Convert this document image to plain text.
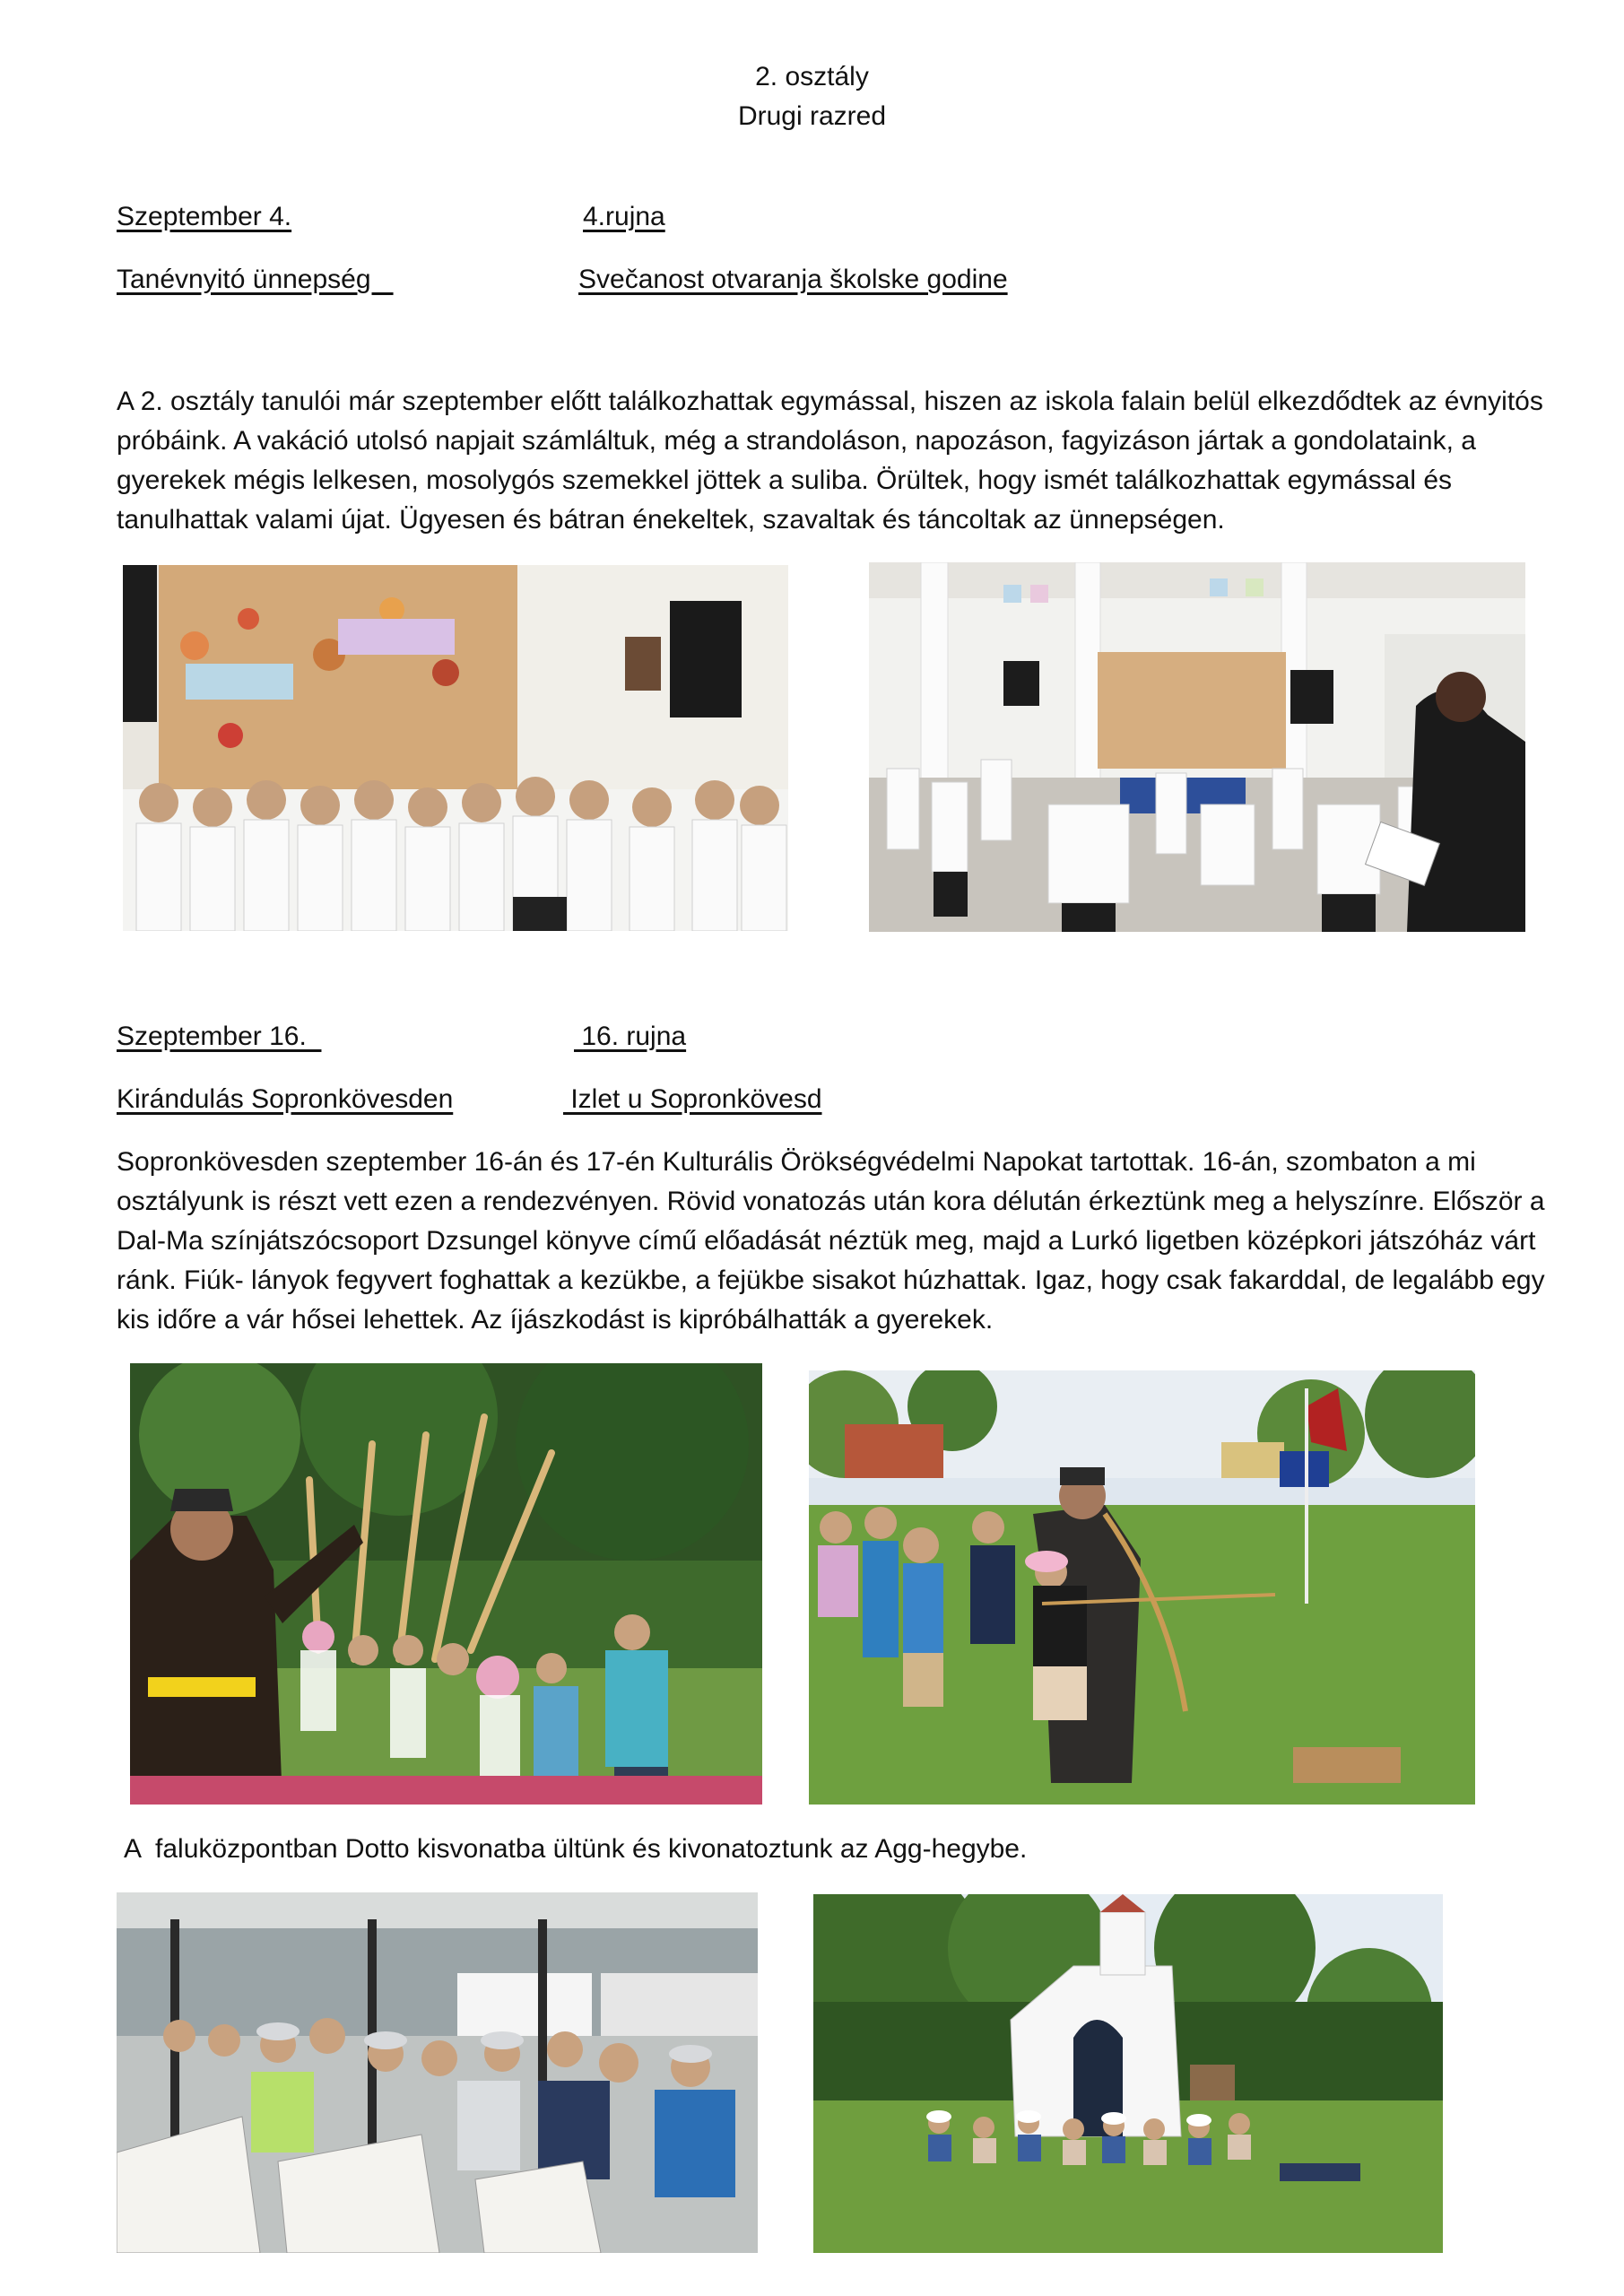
2. osztály
Drugi razred
Szeptember 4.	4.rujna
Tanévnyitó ünnepség	Svečanost otvaranja školske godine
A 2. osztály tanulói már szeptember előtt találkozhattak egymással, hiszen az iskola falain belül elkezdődtek az évnyitós próbáink. A vakáció utolsó napjait számláltuk, még a strandoláson, napozáson, fagyizáson jártak a gondolataink, a gyerekek mégis lelkesen, mosolygós szemekkel jöttek a suliba. Örültek, hogy ismét találkozhattak egymással és tanulhattak valami újat. Ügyesen és bátran énekeltek, szavaltak és táncoltak az ünnepségen.
Szeptember 16.	16. rujna
Kirándulás Sopronkövesden	Izlet u Sopronkövesd
Sopronkövesden szeptember 16-án és 17-én Kulturális Örökségvédelmi Napokat tartottak. 16-án, szombaton a mi osztályunk is részt vett ezen a rendezvényen. Rövid vonatozás után kora délután érkeztünk meg a helyszínre. Először a Dal-Ma színjátszócsoport Dzsungel könyve című előadását néztük meg, majd a Lurkó ligetben középkori játszóház várt ránk. Fiúk- lányok fegyvert foghattak a kezükbe, a fejükbe sisakot húzhattak. Igaz, hogy csak fakarddal, de legalább egy kis időre a vár hősei lehettek. Az íjászkodást is kipróbálhatták a gyerekek.
A  faluközpontban Dotto kisvonatba ültünk és kivonatoztunk az Agg-hegybe.
